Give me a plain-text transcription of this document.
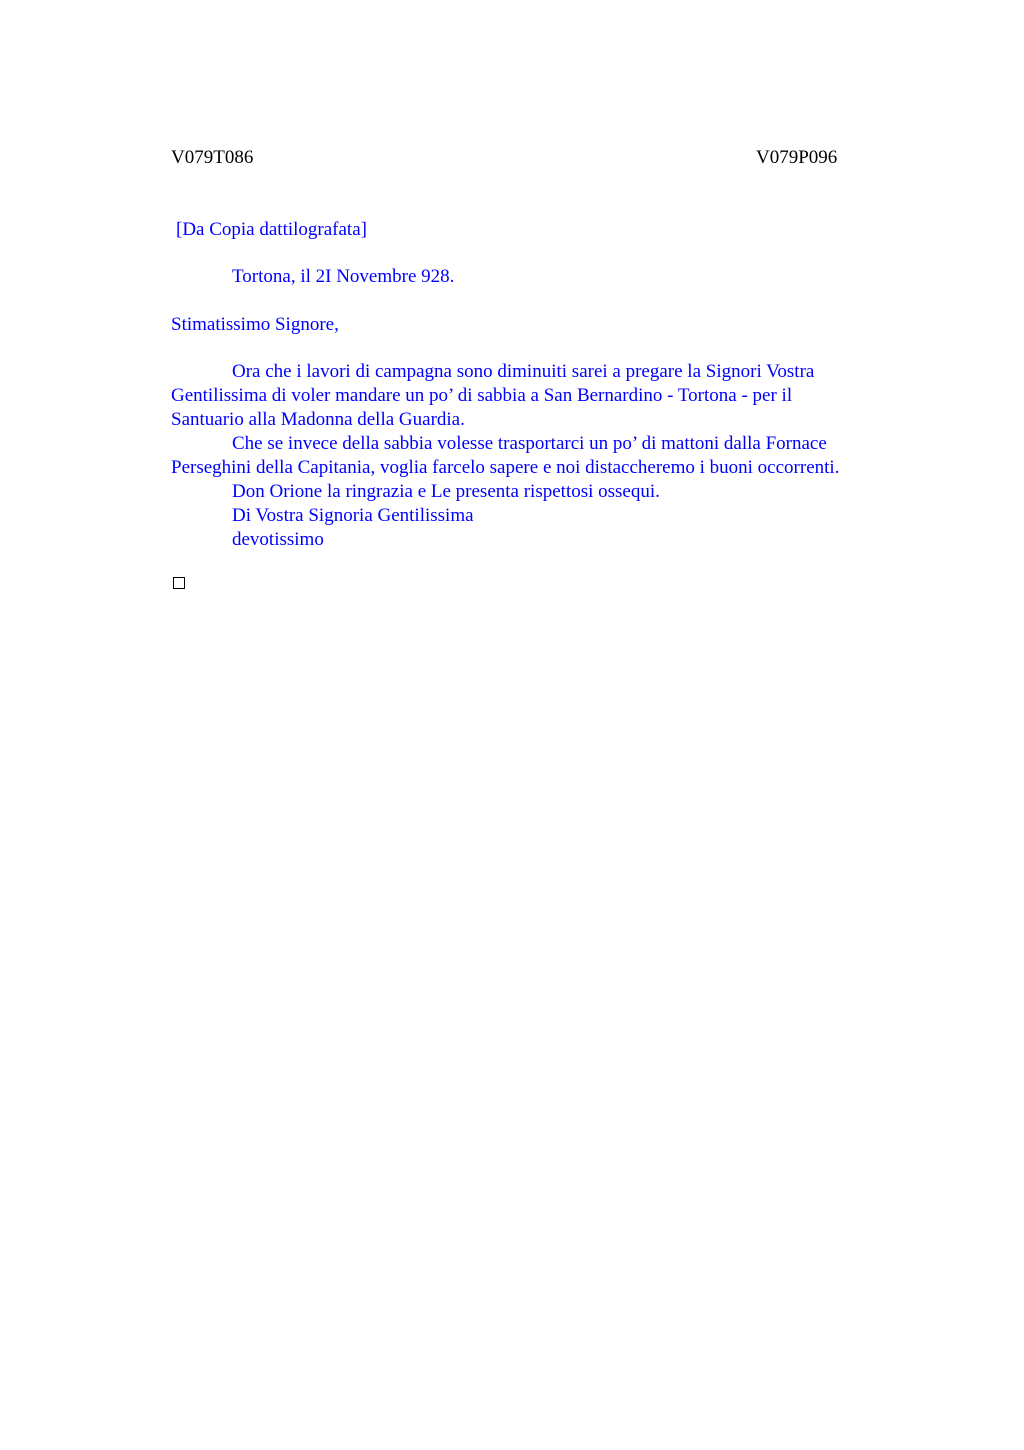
V079T086	V079P096
[Da Copia dattilografata]
Tortona, il 2I Novembre 928.
Stimatissimo Signore,
Ora che i lavori di campagna sono diminuiti sarei a pregare la Signori Vostra
Gentilissima di voler mandare un po’ di sabbia a San Bernardino - Tortona - per il
Santuario alla Madonna della Guardia.
Che se invece della sabbia volesse trasportarci un po’ di mattoni dalla Fornace
Perseghini della Capitania, voglia farcelo sapere e noi distaccheremo i buoni occorrenti.
Don Orione la ringrazia e Le presenta rispettosi ossequi.
Di Vostra Signoria Gentilissima
devotissimo
